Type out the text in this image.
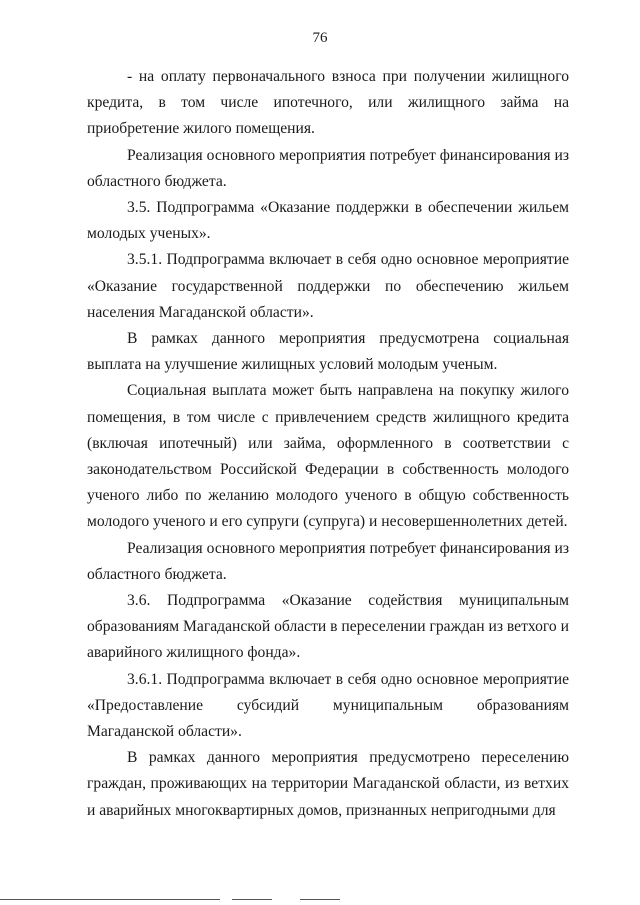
76

- на оплату первоначального взноса при получении жилищного кредита, в том числе ипотечного, или жилищного займа на приобретение жилого помещения.

Реализация основного мероприятия потребует финансирования из областного бюджета.

3.5. Подпрограмма «Оказание поддержки в обеспечении жильем молодых ученых».

3.5.1. Подпрограмма включает в себя одно основное мероприятие «Оказание государственной поддержки по обеспечению жильем населения Магаданской области».

В рамках данного мероприятия предусмотрена социальная выплата на улучшение жилищных условий молодым ученым.

Социальная выплата может быть направлена на покупку жилого помещения, в том числе с привлечением средств жилищного кредита (включая ипотечный) или займа, оформленного в соответствии с законодательством Российской Федерации в собственность молодого ученого либо по желанию молодого ученого в общую собственность молодого ученого и его супруги (супруга) и несовершеннолетних детей.

Реализация основного мероприятия потребует финансирования из областного бюджета.

3.6. Подпрограмма «Оказание содействия муниципальным образованиям Магаданской области в переселении граждан из ветхого и аварийного жилищного фонда».

3.6.1. Подпрограмма включает в себя одно основное мероприятие «Предоставление субсидий муниципальным образованиям Магаданской области».

В рамках данного мероприятия предусмотрено переселению граждан, проживающих на территории Магаданской области, из ветхих и аварийных многоквартирных домов, признанных непригодными для
